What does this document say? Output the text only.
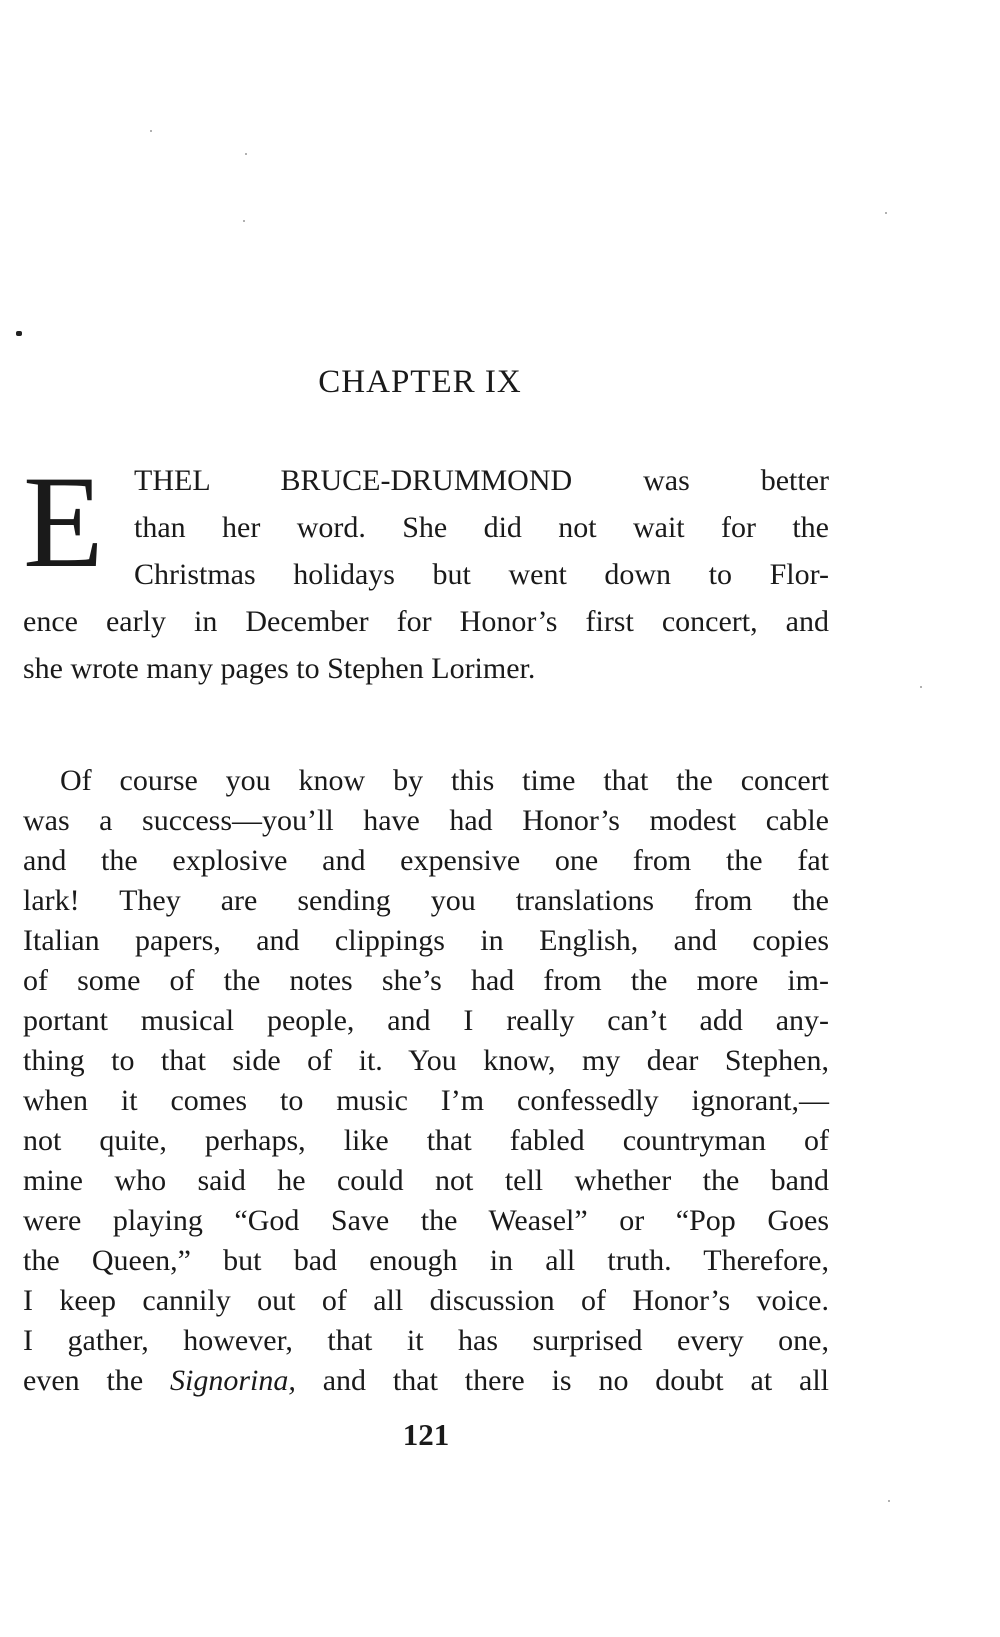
CHAPTER IX
E THEL BRUCE-DRUMMOND was better

than her word. She did not wait for the

Christmas holidays but went down to Flor-

ence early in December for Honor’s first concert, and

she wrote many pages to Stephen Lorimer.

Of course you know by this time that the concert

was a success—you’ll have had Honor’s modest cable

and the explosive and expensive one from the fat

lark! They are sending you translations from the

Italian papers, and clippings in English, and copies

of some of the notes she’s had from the more im-

portant musical people, and I really can’t add any-

thing to that side of it. You know, my dear Stephen,

when it comes to music I’m confessedly ignorant,—

not quite, perhaps, like that fabled countryman of

mine who said he could not tell whether the band

were playing “God Save the Weasel” or “Pop Goes

the Queen,” but bad enough in all truth. Therefore,

I keep cannily out of all discussion of Honor’s voice.

I gather, however, that it has surprised every one,

even the Signorina, and that there is no doubt at all

121
